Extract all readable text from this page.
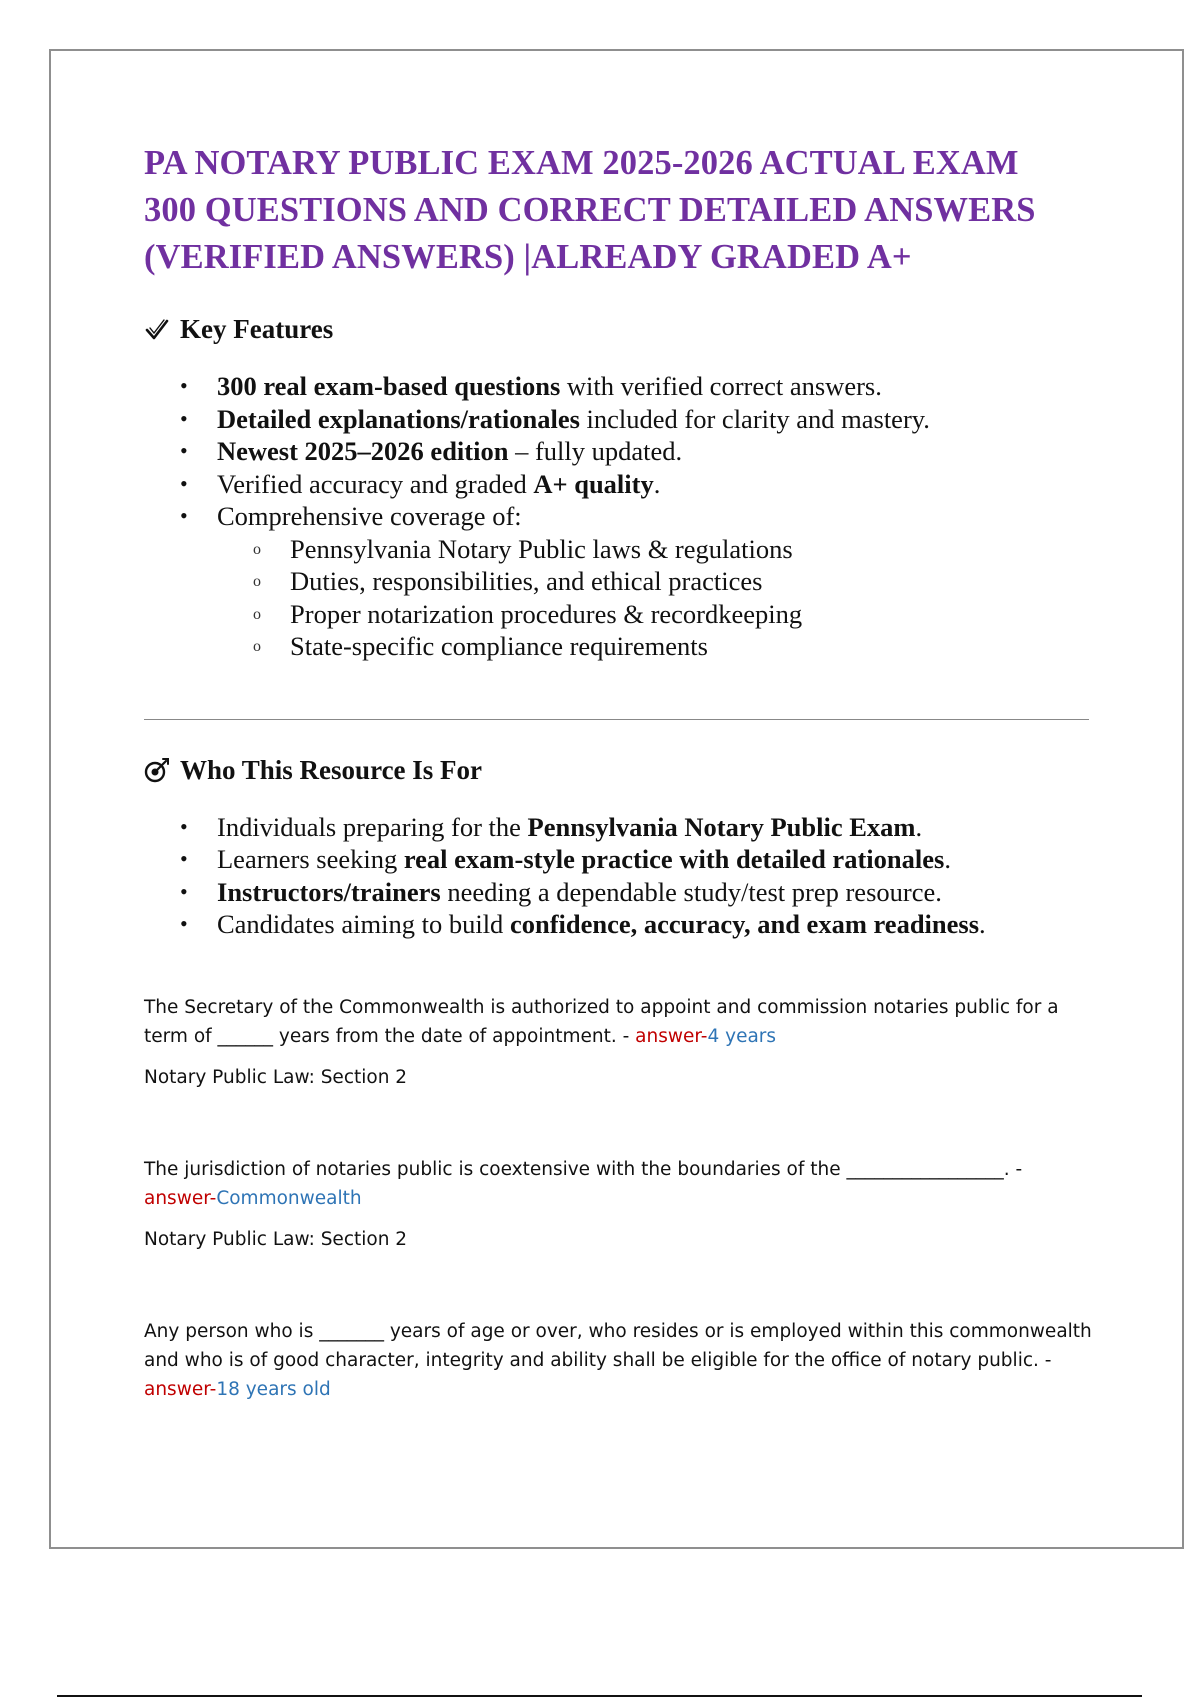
PA NOTARY PUBLIC EXAM 2025-2026 ACTUAL EXAM
300 QUESTIONS AND CORRECT DETAILED ANSWERS
(VERIFIED ANSWERS) |ALREADY GRADED A+
Key Features
• 300 real exam-based questions with verified correct answers.
• Detailed explanations/rationales included for clarity and mastery.
• Newest 2025–2026 edition – fully updated.
• Verified accuracy and graded A+ quality.
• Comprehensive coverage of:
o Pennsylvania Notary Public laws & regulations
o Duties, responsibilities, and ethical practices
o Proper notarization procedures & recordkeeping
o State-specific compliance requirements
Who This Resource Is For
• Individuals preparing for the Pennsylvania Notary Public Exam.
• Learners seeking real exam-style practice with detailed rationales.
• Instructors/trainers needing a dependable study/test prep resource.
• Candidates aiming to build confidence, accuracy, and exam readiness.

The Secretary of the Commonwealth is authorized to appoint and commission notaries public for a term of ______ years from the date of appointment. - answer-4 years

Notary Public Law: Section 2

The jurisdiction of notaries public is coextensive with the boundaries of the _________________. - answer-Commonwealth

Notary Public Law: Section 2

Any person who is _______ years of age or over, who resides or is employed within this commonwealth and who is of good character, integrity and ability shall be eligible for the office of notary public. - answer-18 years old
